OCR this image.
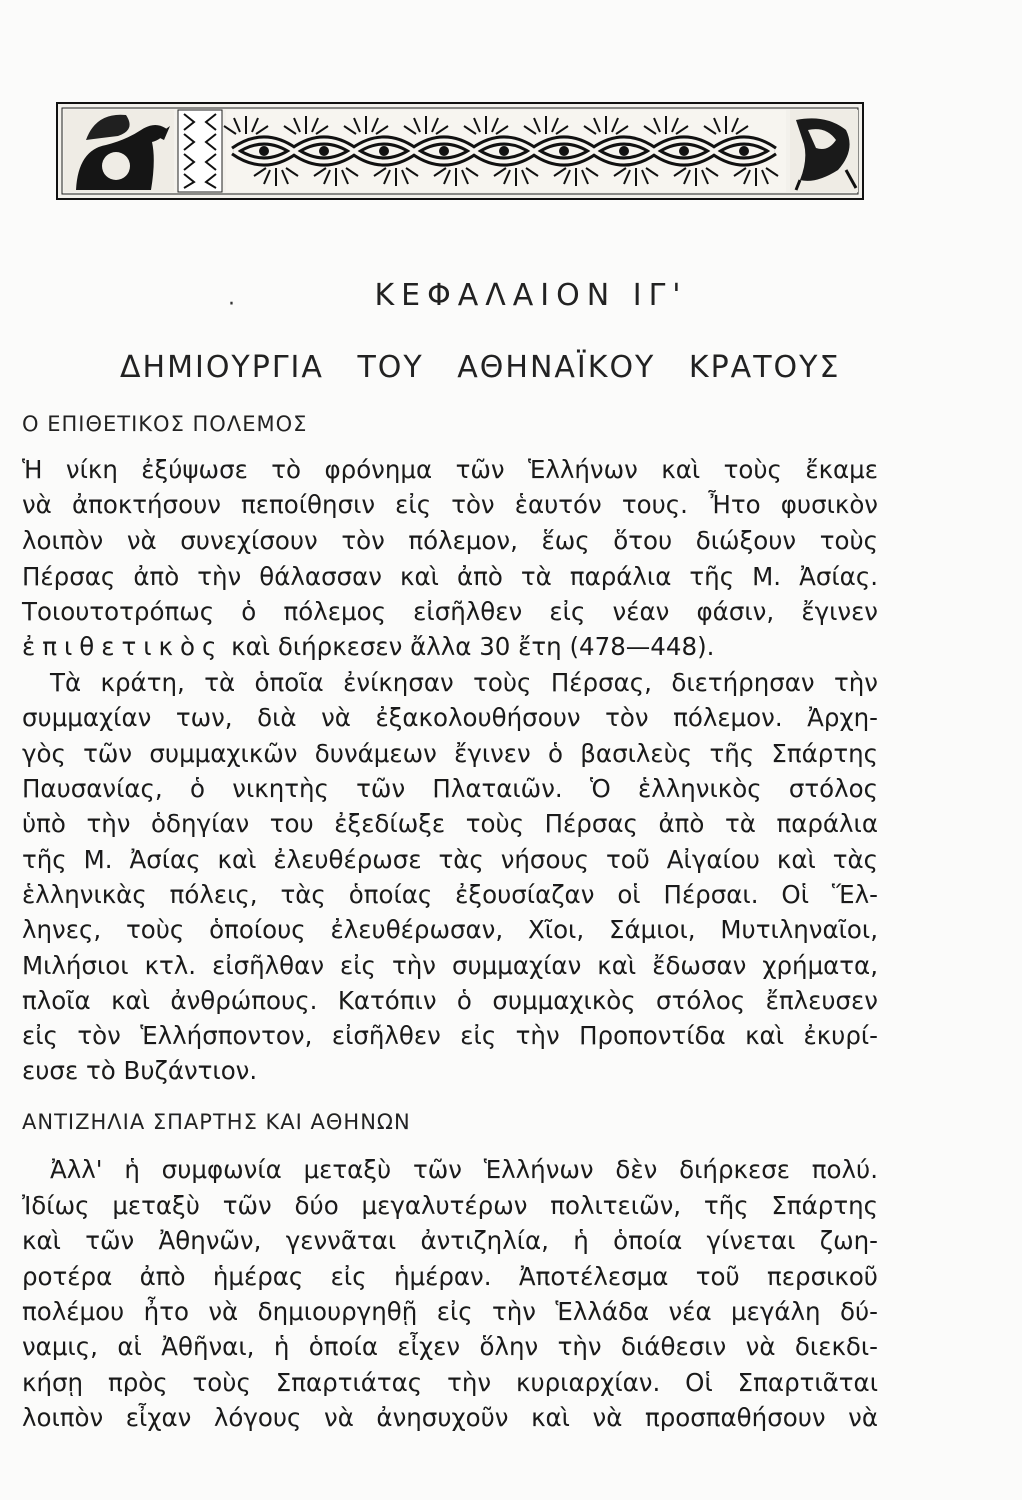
·	ΚΕΦΑΛΑΙΟΝ ΙΓ'
ΔΗΜΙΟΥΡΓΙΑ ΤΟΥ ΑΘΗΝΑΪΚΟΥ ΚΡΑΤΟΥΣ
Ο ΕΠΙΘΕΤΙΚΟΣ ΠΟΛΕΜΟΣ
Ἡ νίκη ἐξύψωσε τὸ φρόνημα τῶν Ἑλλήνων καὶ τοὺς ἔκαμε
νὰ ἀποκτήσουν πεποίθησιν εἰς τὸν ἑαυτόν τους. Ἦτο φυσικὸν
λοιπὸν νὰ συνεχίσουν τὸν πόλεμον, ἕως ὅτου διώξουν τοὺς
Πέρσας ἀπὸ τὴν θάλασσαν καὶ ἀπὸ τὰ παράλια τῆς Μ. Ἀσίας.
Τοιουτοτρόπως ὁ πόλεμος εἰσῆλθεν εἰς νέαν φάσιν, ἔγινεν
ἐπιθετικὸς καὶ διήρκεσεν ἄλλα 30 ἔτη (478—448).
Τὰ κράτη, τὰ ὁποῖα ἐνίκησαν τοὺς Πέρσας, διετήρησαν τὴν
συμμαχίαν των, διὰ νὰ ἐξακολουθήσουν τὸν πόλεμον. Ἀρχη-
γὸς τῶν συμμαχικῶν δυνάμεων ἔγινεν ὁ βασιλεὺς τῆς Σπάρτης
Παυσανίας, ὁ νικητὴς τῶν Πλαταιῶν. Ὁ ἑλληνικὸς στόλος
ὑπὸ τὴν ὁδηγίαν του ἐξεδίωξε τοὺς Πέρσας ἀπὸ τὰ παράλια
τῆς Μ. Ἀσίας καὶ ἐλευθέρωσε τὰς νήσους τοῦ Αἰγαίου καὶ τὰς
ἑλληνικὰς πόλεις, τὰς ὁποίας ἐξουσίαζαν οἱ Πέρσαι. Οἱ Ἕλ-
ληνες, τοὺς ὁποίους ἐλευθέρωσαν, Χῖοι, Σάμιοι, Μυτιληναῖοι,
Μιλήσιοι κτλ. εἰσῆλθαν εἰς τὴν συμμαχίαν καὶ ἔδωσαν χρήματα,
πλοῖα καὶ ἀνθρώπους. Κατόπιν ὁ συμμαχικὸς στόλος ἔπλευσεν
εἰς τὸν Ἑλλήσποντον, εἰσῆλθεν εἰς τὴν Προποντίδα καὶ ἐκυρί-
ευσε τὸ Βυζάντιον.
ΑΝΤΙΖΗΛΙΑ ΣΠΑΡΤΗΣ ΚΑΙ ΑΘΗΝΩΝ
Ἀλλ' ἡ συμφωνία μεταξὺ τῶν Ἑλλήνων δὲν διήρκεσε πολύ.
Ἰδίως μεταξὺ τῶν δύο μεγαλυτέρων πολιτειῶν, τῆς Σπάρτης
καὶ τῶν Ἀθηνῶν, γεννᾶται ἀντιζηλία, ἡ ὁποία γίνεται ζωη-
ροτέρα ἀπὸ ἡμέρας εἰς ἡμέραν. Ἀποτέλεσμα τοῦ περσικοῦ
πολέμου ἦτο νὰ δημιουργηθῇ εἰς τὴν Ἑλλάδα νέα μεγάλη δύ-
ναμις, αἱ Ἀθῆναι, ἡ ὁποία εἶχεν ὅλην τὴν διάθεσιν νὰ διεκδι-
κήσῃ πρὸς τοὺς Σπαρτιάτας τὴν κυριαρχίαν. Οἱ Σπαρτιᾶται
λοιπὸν εἶχαν λόγους νὰ ἀνησυχοῦν καὶ νὰ προσπαθήσουν νὰ
